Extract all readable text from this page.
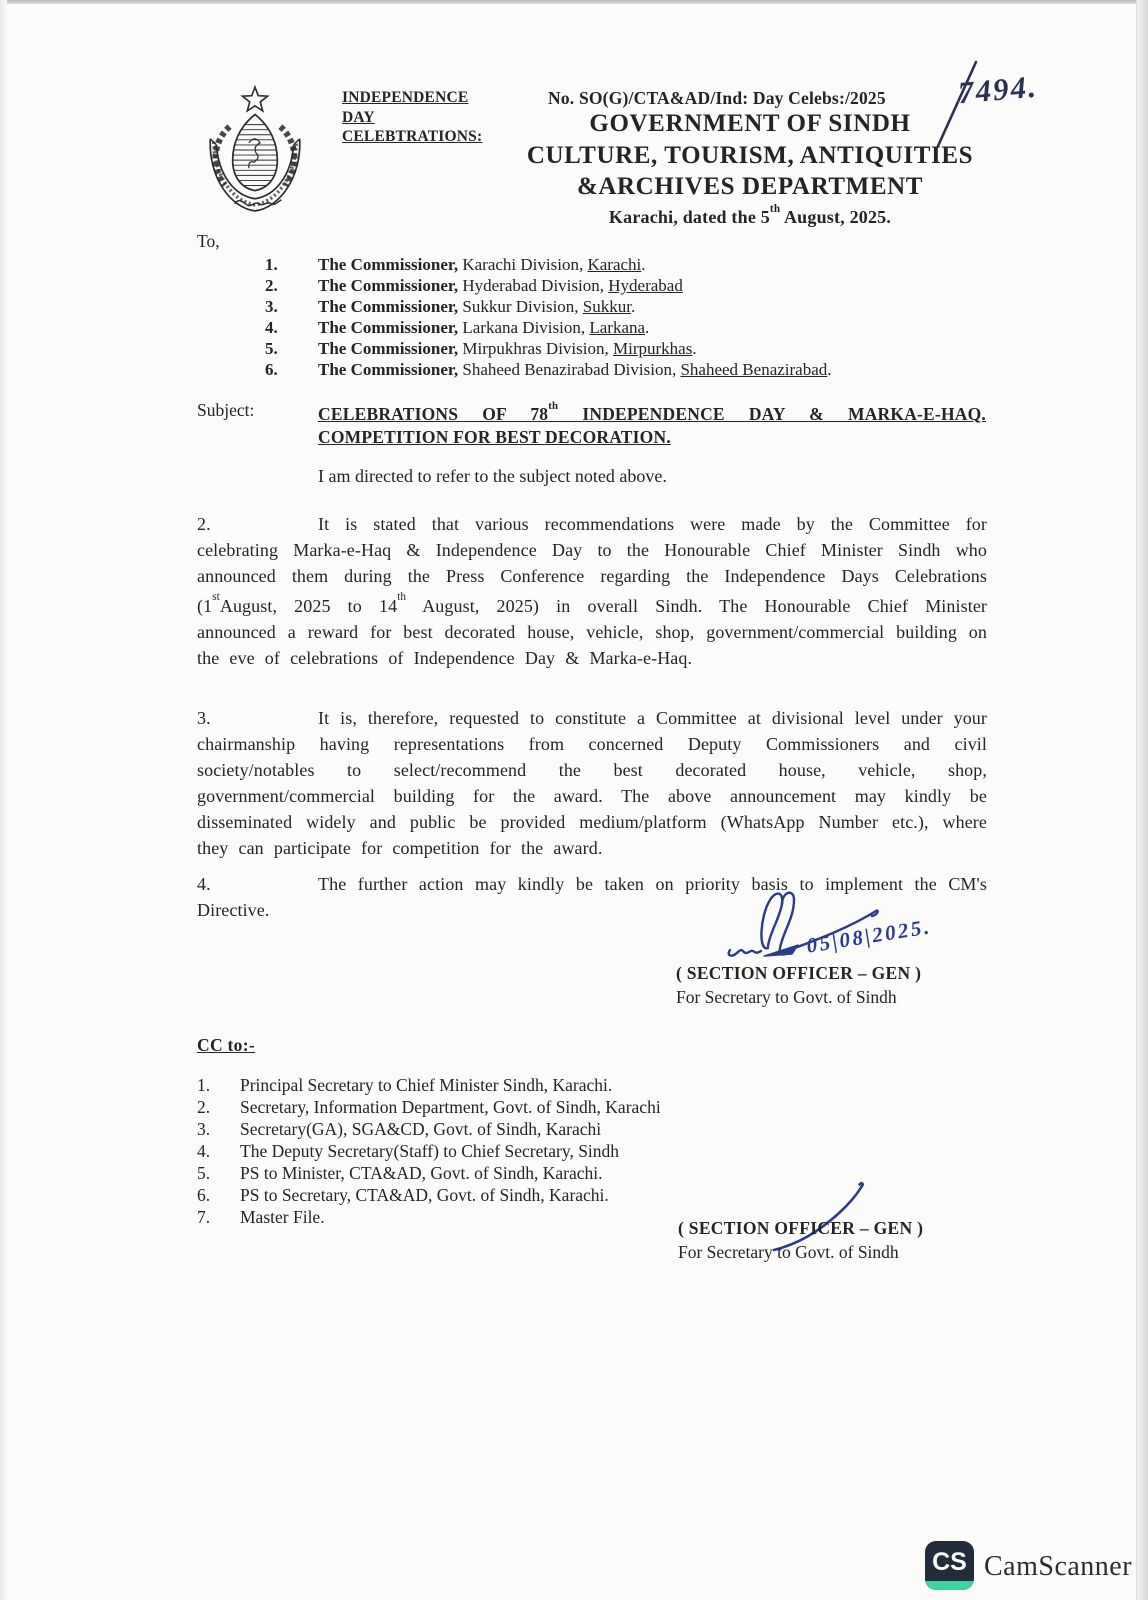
INDEPENDENCE
DAY
CELEBTRATIONS:
No. SO(G)/CTA&AD/Ind: Day Celebs:/2025 7494.
GOVERNMENT OF SINDH
CULTURE, TOURISM, ANTIQUITIES
&ARCHIVES DEPARTMENT
Karachi, dated the 5th August, 2025.
To,
1. The Commissioner, Karachi Division, Karachi.
2. The Commissioner, Hyderabad Division, Hyderabad
3. The Commissioner, Sukkur Division, Sukkur.
4. The Commissioner, Larkana Division, Larkana.
5. The Commissioner, Mirpukhras Division, Mirpurkhas.
6. The Commissioner, Shaheed Benazirabad Division, Shaheed Benazirabad.
Subject:	CELEBRATIONS OF 78th INDEPENDENCE DAY & MARKA-E-HAQ.
COMPETITION FOR BEST DECORATION.
I am directed to refer to the subject noted above.
2.	It is stated that various recommendations were made by the Committee for celebrating Marka-e-Haq & Independence Day to the Honourable Chief Minister Sindh who announced them during the Press Conference regarding the Independence Days Celebrations (1stAugust, 2025 to 14th August, 2025) in overall Sindh. The Honourable Chief Minister announced a reward for best decorated house, vehicle, shop, government/commercial building on the eve of celebrations of Independence Day & Marka-e-Haq.
3.	It is, therefore, requested to constitute a Committee at divisional level under your chairmanship having representations from concerned Deputy Commissioners and civil society/notables to select/recommend the best decorated house, vehicle, shop, government/commercial building for the award. The above announcement may kindly be disseminated widely and public be provided medium/platform (WhatsApp Number etc.), where they can participate for competition for the award.
4.	The further action may kindly be taken on priority basis to implement the CM's Directive.
05|08|2025.
( SECTION OFFICER – GEN )
For Secretary to Govt. of Sindh
CC to:-
1. Principal Secretary to Chief Minister Sindh, Karachi.
2. Secretary, Information Department, Govt. of Sindh, Karachi
3. Secretary(GA), SGA&CD, Govt. of Sindh, Karachi
4. The Deputy Secretary(Staff) to Chief Secretary, Sindh
5. PS to Minister, CTA&AD, Govt. of Sindh, Karachi.
6. PS to Secretary, CTA&AD, Govt. of Sindh, Karachi.
7. Master File.
( SECTION OFFICER – GEN )
For Secretary to Govt. of Sindh
CS CamScanner
